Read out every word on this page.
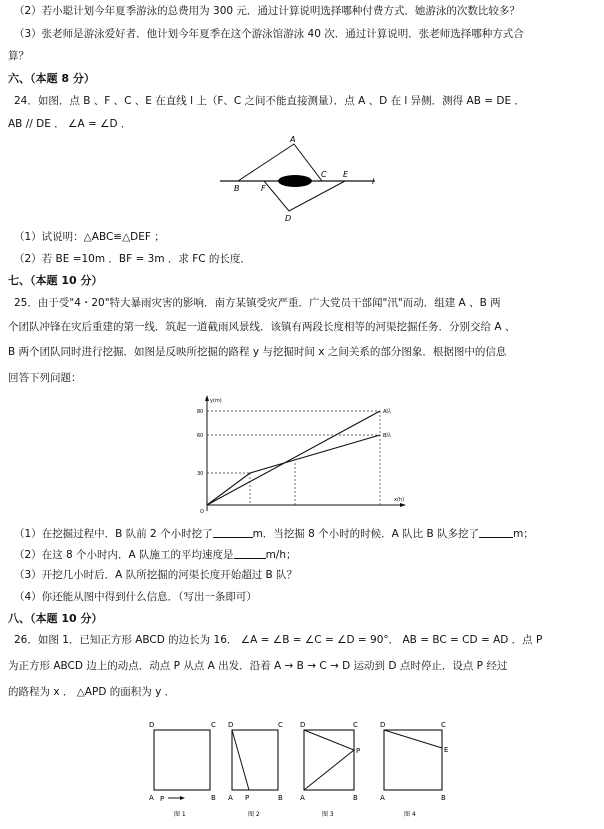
（2）若小聪计划今年夏季游泳的总费用为 300 元．通过计算说明选择哪种付费方式．她游泳的次数比较多？
（3）张老师是游泳爱好者．他计划今年夏季在这个游泳馆游泳 40 次．通过计算说明．张老师选择哪种方式合
算？
六、（本题 8 分）
24．如图．点 B 、F 、C 、E 在直线 l 上（F、C 之间不能直接测量）．点 A 、D 在 l 异侧．测得 AB = DE ．
AB // DE ． ∠A = ∠D ．
A
B	F
C E
D
l
（1）试说明：△ABC≌△DEF ；
（2）若 BE =10m ．BF = 3m ．求 FC 的长度．
七、（本题 10 分）
25．由于受"4・20"特大暴雨灾害的影响．南方某镇受灾严重．广大党员干部闻"汛"而动．组建 A 、B 两
个团队冲锋在灾后重建的第一线．筑起一道截雨风景线．该镇有两段长度相等的河渠挖掘任务．分别交给 A 、
B 两个团队同时进行挖掘．如图是反映所挖掘的路程 y 与挖掘时间 x 之间关系的部分图象．根据图中的信息
回答下列问题：
y(m)
x(h)
80
60
30
O
A队
B队
（1）在挖掘过程中．B 队前 2 个小时挖了	m．当挖掘 8 个小时的时候．A 队比 B 队多挖了	m；
（2）在这 8 个小时内．A 队施工的平均速度是	m/h；
（3）开挖几小时后．A 队所挖掘的河渠长度开始超过 B 队？
（4）你还能从图中得到什么信息．（写出一条即可）
八、（本题 10 分）
26．如图 1．已知正方形 ABCD 的边长为 16． ∠A = ∠B = ∠C = ∠D = 90°． AB = BC = CD = AD ．点 P
为正方形 ABCD 边上的动点．动点 P 从点 A 出发．沿着 A → B → C → D 运动到 D 点时停止．设点 P 经过
的路程为 x ． △APD 的面积为 y ．
D	C
A P	B
图 1
D	C
A P	B
图 2
D	C
P
A	B
图 3
D	C
E
A	B
图 4
